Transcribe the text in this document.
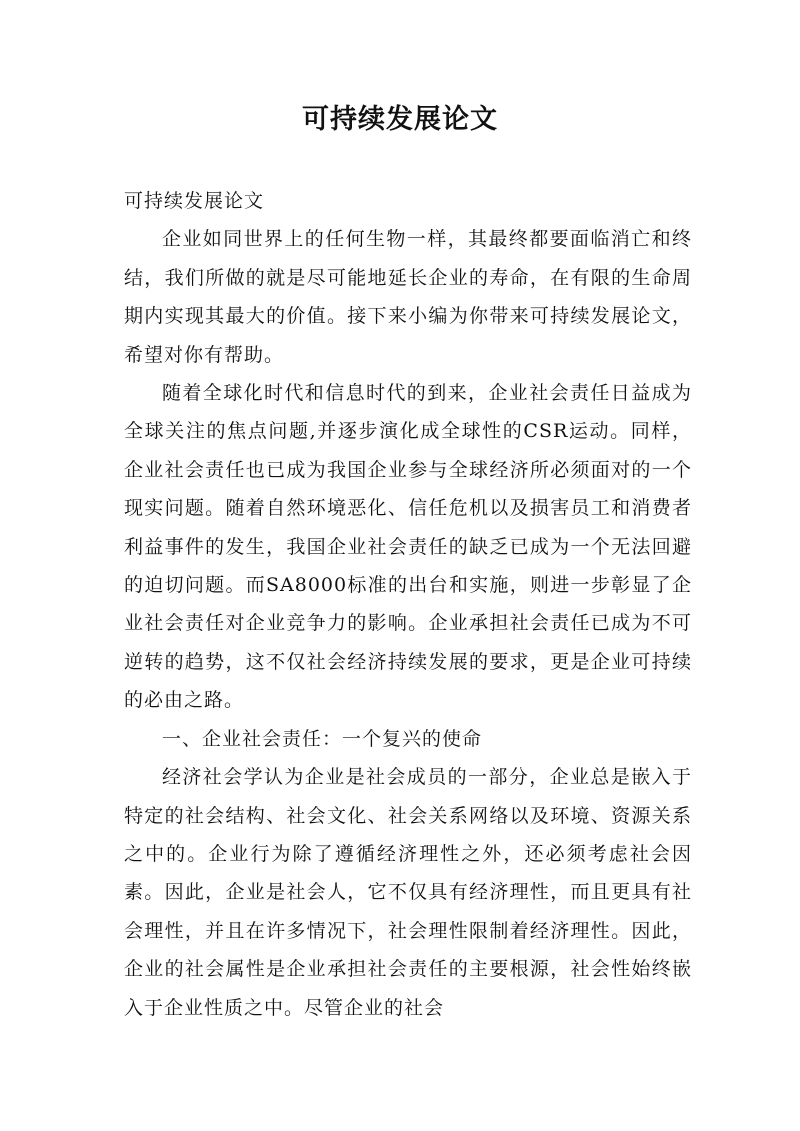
可持续发展论文

可持续发展论文

企业如同世界上的任何生物一样，其最终都要面临消亡和终结，我们所做的就是尽可能地延长企业的寿命，在有限的生命周期内实现其最大的价值。接下来小编为你带来可持续发展论文，希望对你有帮助。

随着全球化时代和信息时代的到来，企业社会责任日益成为全球关注的焦点问题,并逐步演化成全球性的CSR运动。同样，企业社会责任也已成为我国企业参与全球经济所必须面对的一个现实问题。随着自然环境恶化、信任危机以及损害员工和消费者利益事件的发生，我国企业社会责任的缺乏已成为一个无法回避的迫切问题。而SA8000标准的出台和实施，则进一步彰显了企业社会责任对企业竞争力的影响。企业承担社会责任已成为不可逆转的趋势，这不仅社会经济持续发展的要求，更是企业可持续的必由之路。

一、企业社会责任：一个复兴的使命

经济社会学认为企业是社会成员的一部分，企业总是嵌入于特定的社会结构、社会文化、社会关系网络以及环境、资源关系之中的。企业行为除了遵循经济理性之外，还必须考虑社会因素。因此，企业是社会人，它不仅具有经济理性，而且更具有社会理性，并且在许多情况下，社会理性限制着经济理性。因此，企业的社会属性是企业承担社会责任的主要根源，社会性始终嵌入于企业性质之中。尽管企业的社会
